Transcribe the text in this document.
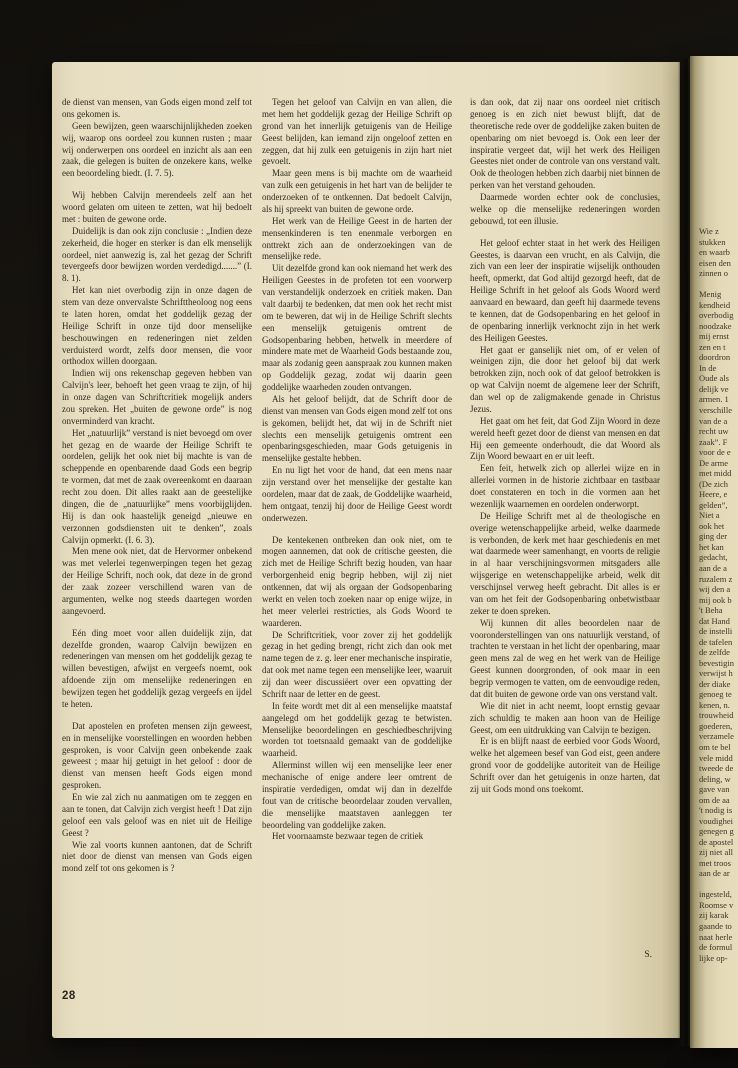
de dienst van mensen, van Gods eigen mond zelf tot ons gekomen is.

Geen bewijzen, geen waarschijnlijkheden zoeken wij, waarop ons oordeel zou kunnen rusten ; maar wij onderwerpen ons oordeel en inzicht als aan een zaak, die gelegen is buiten de onzekere kans, welke een beoordeling biedt. (I. 7. 5).

Wij hebben Calvijn merendeels zelf aan het woord gelaten om uiteen te zetten, wat hij bedoelt met : buiten de gewone orde.

Duidelijk is dan ook zijn conclusie : „Indien deze zekerheid, die hoger en sterker is dan elk menselijk oordeel, niet aanwezig is, zal het gezag der Schrift tevergeefs door bewijzen worden verdedigd.......” (I. 8. 1).

Het kan niet overbodig zijn in onze dagen de stem van deze onvervalste Schrifttheoloog nog eens te laten horen, omdat het goddelijk gezag der Heilige Schrift in onze tijd door menselijke beschouwingen en redeneringen niet zelden verduisterd wordt, zelfs door mensen, die voor orthodox willen doorgaan.

Indien wij ons rekenschap gegeven hebben van Calvijn's leer, behoeft het geen vraag te zijn, of hij in onze dagen van Schriftcritiek mogelijk anders zou spreken. Het „buiten de gewone orde” is nog onverminderd van kracht.

Het „natuurlijk” verstand is niet bevoegd om over het gezag en de waarde der Heilige Schrift te oordelen, gelijk het ook niet bij machte is van de scheppende en openbarende daad Gods een begrip te vormen, dat met de zaak overeenkomt en daaraan recht zou doen. Dit alles raakt aan de geestelijke dingen, die de „natuurlijke” mens voorbijglijden. Hij is dan ook haastelijk geneigd „nieuwe en verzonnen godsdiensten uit te denken”, zoals Calvijn opmerkt. (I. 6. 3).

Men mene ook niet, dat de Hervormer onbekend was met velerlei tegenwerpingen tegen het gezag der Heilige Schrift, noch ook, dat deze in de grond der zaak zozeer verschillend waren van de argumenten, welke nog steeds daartegen worden aangevoerd.

Eén ding moet voor allen duidelijk zijn, dat dezelfde gronden, waarop Calvijn bewijzen en redeneringen van mensen om het goddelijk gezag te willen bevestigen, afwijst en vergeefs noemt, ook afdoende zijn om menselijke redeneringen en bewijzen tegen het goddelijk gezag vergeefs en ijdel te heten.

Dat apostelen en profeten mensen zijn geweest, en in menselijke voorstellingen en woorden hebben gesproken, is voor Calvijn geen onbekende zaak geweest ; maar hij getuigt in het geloof : door de dienst van mensen heeft Gods eigen mond gesproken.

En wie zal zich nu aanmatigen om te zeggen en aan te tonen, dat Calvijn zich vergist heeft ! Dat zijn geloof een vals geloof was en niet uit de Heilige Geest ?

Wie zal voorts kunnen aantonen, dat de Schrift niet door de dienst van mensen van Gods eigen mond zelf tot ons gekomen is ?

Tegen het geloof van Calvijn en van allen, die met hem het goddelijk gezag der Heilige Schrift op grond van het innerlijk getuigenis van de Heilige Geest belijden, kan iemand zijn ongeloof zetten en zeggen, dat hij zulk een getuigenis in zijn hart niet gevoelt.

Maar geen mens is bij machte om de waarheid van zulk een getuigenis in het hart van de belijder te onderzoeken of te ontkennen. Dat bedoelt Calvijn, als hij spreekt van buiten de gewone orde.

Het werk van de Heilige Geest in de harten der mensenkinderen is ten enenmale verborgen en onttrekt zich aan de onderzoekingen van de menselijke rede.

Uit dezelfde grond kan ook niemand het werk des Heiligen Geestes in de profeten tot een voorwerp van verstandelijk onderzoek en critiek maken. Dan valt daarbij te bedenken, dat men ook het recht mist om te beweren, dat wij in de Heilige Schrift slechts een menselijk getuigenis omtrent de Godsopenbaring hebben, hetwelk in meerdere of mindere mate met de Waarheid Gods bestaande zou, maar als zodanig geen aanspraak zou kunnen maken op Goddelijk gezag, zodat wij daarin geen goddelijke waarheden zouden ontvangen.

Als het geloof belijdt, dat de Schrift door de dienst van mensen van Gods eigen mond zelf tot ons is gekomen, belijdt het, dat wij in de Schrift niet slechts een menselijk getuigenis omtrent een openbaringsgeschieden, maar Gods getuigenis in menselijke gestalte hebben.

En nu ligt het voor de hand, dat een mens naar zijn verstand over het menselijke der gestalte kan oordelen, maar dat de zaak, de Goddelijke waarheid, hem ontgaat, tenzij hij door de Heilige Geest wordt onderwezen.

De kentekenen ontbreken dan ook niet, om te mogen aannemen, dat ook de critische geesten, die zich met de Heilige Schrift bezig houden, van haar verborgenheid enig begrip hebben, wijl zij niet ontkennen, dat wij als orgaan der Godsopenbaring werkt en velen toch zoeken naar op enige wijze, in het meer velerlei restricties, als Gods Woord te waarderen.

De Schriftcritiek, voor zover zij het goddelijk gezag in het geding brengt, richt zich dan ook met name tegen de z. g. leer ener mechanische inspiratie, dat ook met name tegen een menselijke leer, waaruit zij dan weer discussiëert over een opvatting der Schrift naar de letter en de geest.

In feite wordt met dit al een menselijke maatstaf aangelegd om het goddelijk gezag te betwisten. Menselijke beoordelingen en geschiedbeschrijving worden tot toetsnaald gemaakt van de goddelijke waarheid.

Allerminst willen wij een menselijke leer ener mechanische of enige andere leer omtrent de inspiratie verdedigen, omdat wij dan in dezelfde fout van de critische beoordelaar zouden vervallen, die menselijke maatstaven aanleggen ter beoordeling van goddelijke zaken.

Het voornaamste bezwaar tegen de critiek

is dan ook, dat zij naar ons oordeel niet critisch genoeg is en zich niet bewust blijft, dat de theoretische rede over de goddelijke zaken buiten de openbaring om niet bevoegd is. Ook een leer der inspiratie vergeet dat, wijl het werk des Heiligen Geestes niet onder de controle van ons verstand valt. Ook de theologen hebben zich daarbij niet binnen de perken van het verstand gehouden.

Daarmede worden echter ook de conclusies, welke op die menselijke redeneringen worden gebouwd, tot een illusie.

Het geloof echter staat in het werk des Heiligen Geestes, is daarvan een vrucht, en als Calvijn, die zich van een leer der inspiratie wijselijk onthouden heeft, opmerkt, dat God altijd gezorgd heeft, dat de Heilige Schrift in het geloof als Gods Woord werd aanvaard en bewaard, dan geeft hij daarmede tevens te kennen, dat de Godsopenbaring en het geloof in de openbaring innerlijk verknocht zijn in het werk des Heiligen Geestes.

Het gaat er ganselijk niet om, of er velen of weinigen zijn, die door het geloof bij dat werk betrokken zijn, noch ook of dat geloof betrokken is op wat Calvijn noemt de algemene leer der Schrift, dan wel op de zaligmakende genade in Christus Jezus.

Het gaat om het feit, dat God Zijn Woord in deze wereld heeft gezet door de dienst van mensen en dat Hij een gemeente onderhoudt, die dat Woord als Zijn Woord bewaart en er uit leeft.

Een feit, hetwelk zich op allerlei wijze en in allerlei vormen in de historie zichtbaar en tastbaar doet constateren en toch in die vormen aan het wezenlijk waarnemen en oordelen onderworpt.

De Heilige Schrift met al de theologische en overige wetenschappelijke arbeid, welke daarmede is verbonden, de kerk met haar geschiedenis en met wat daarmede weer samenhangt, en voorts de religie in al haar verschijningsvormen mitsgaders alle wijsgerige en wetenschappelijke arbeid, welk dit verschijnsel verweg heeft gebracht. Dit alles is er van om het feit der Godsopenbaring onbetwistbaar zeker te doen spreken.

Wij kunnen dit alles beoordelen naar de vooronderstellingen van ons natuurlijk verstand, of trachten te verstaan in het licht der openbaring, maar geen mens zal de weg en het werk van de Heilige Geest kunnen doorgronden, of ook maar in een begrip vermogen te vatten, om de eenvoudige reden, dat dit buiten de gewone orde van ons verstand valt.

Wie dit niet in acht neemt, loopt ernstig gevaar zich schuldig te maken aan hoon van de Heilige Geest, om een uitdrukking van Calvijn te bezigen.

Er is en blijft naast de eerbied voor Gods Woord, welke het algemeen besef van God eist, geen andere grond voor de goddelijke autoriteit van de Heilige Schrift over dan het getuigenis in onze harten, dat zij uit Gods mond ons toekomt.

S.
28
Wie z
stukken
en waarb
eisen den
zinnen o
Menig
kendheid
overbodig
noodzake
mij ernst
zen en t
doordron
In de
Oude als
delijk ve
armen. 1
verschille
van de a
recht uw
zaak”. F
voor de e
De arme
met midd
(De zich
Heere, e
gelden”,
Niet a
ook het
ging der
het kan
gedacht,
aan de a
ruzalem z
wij den a
mij ook b
't Beha
dat Hand
de instelli
de tafelen
de zelfde
bevestigin
verwijst h
der diake
genoeg te
kenen, n.
trouwheid
goederen,
verzamele
om te bel
vele midd
tweede de
deling, w
gave van
om de aa
't nodig is
voudighei
genegen g
de apostel
zij niet all
met troos
aan de ar
ingesteld,
Roomse v
zij karak
gaande to
naat herle
de formul
lijke op-
